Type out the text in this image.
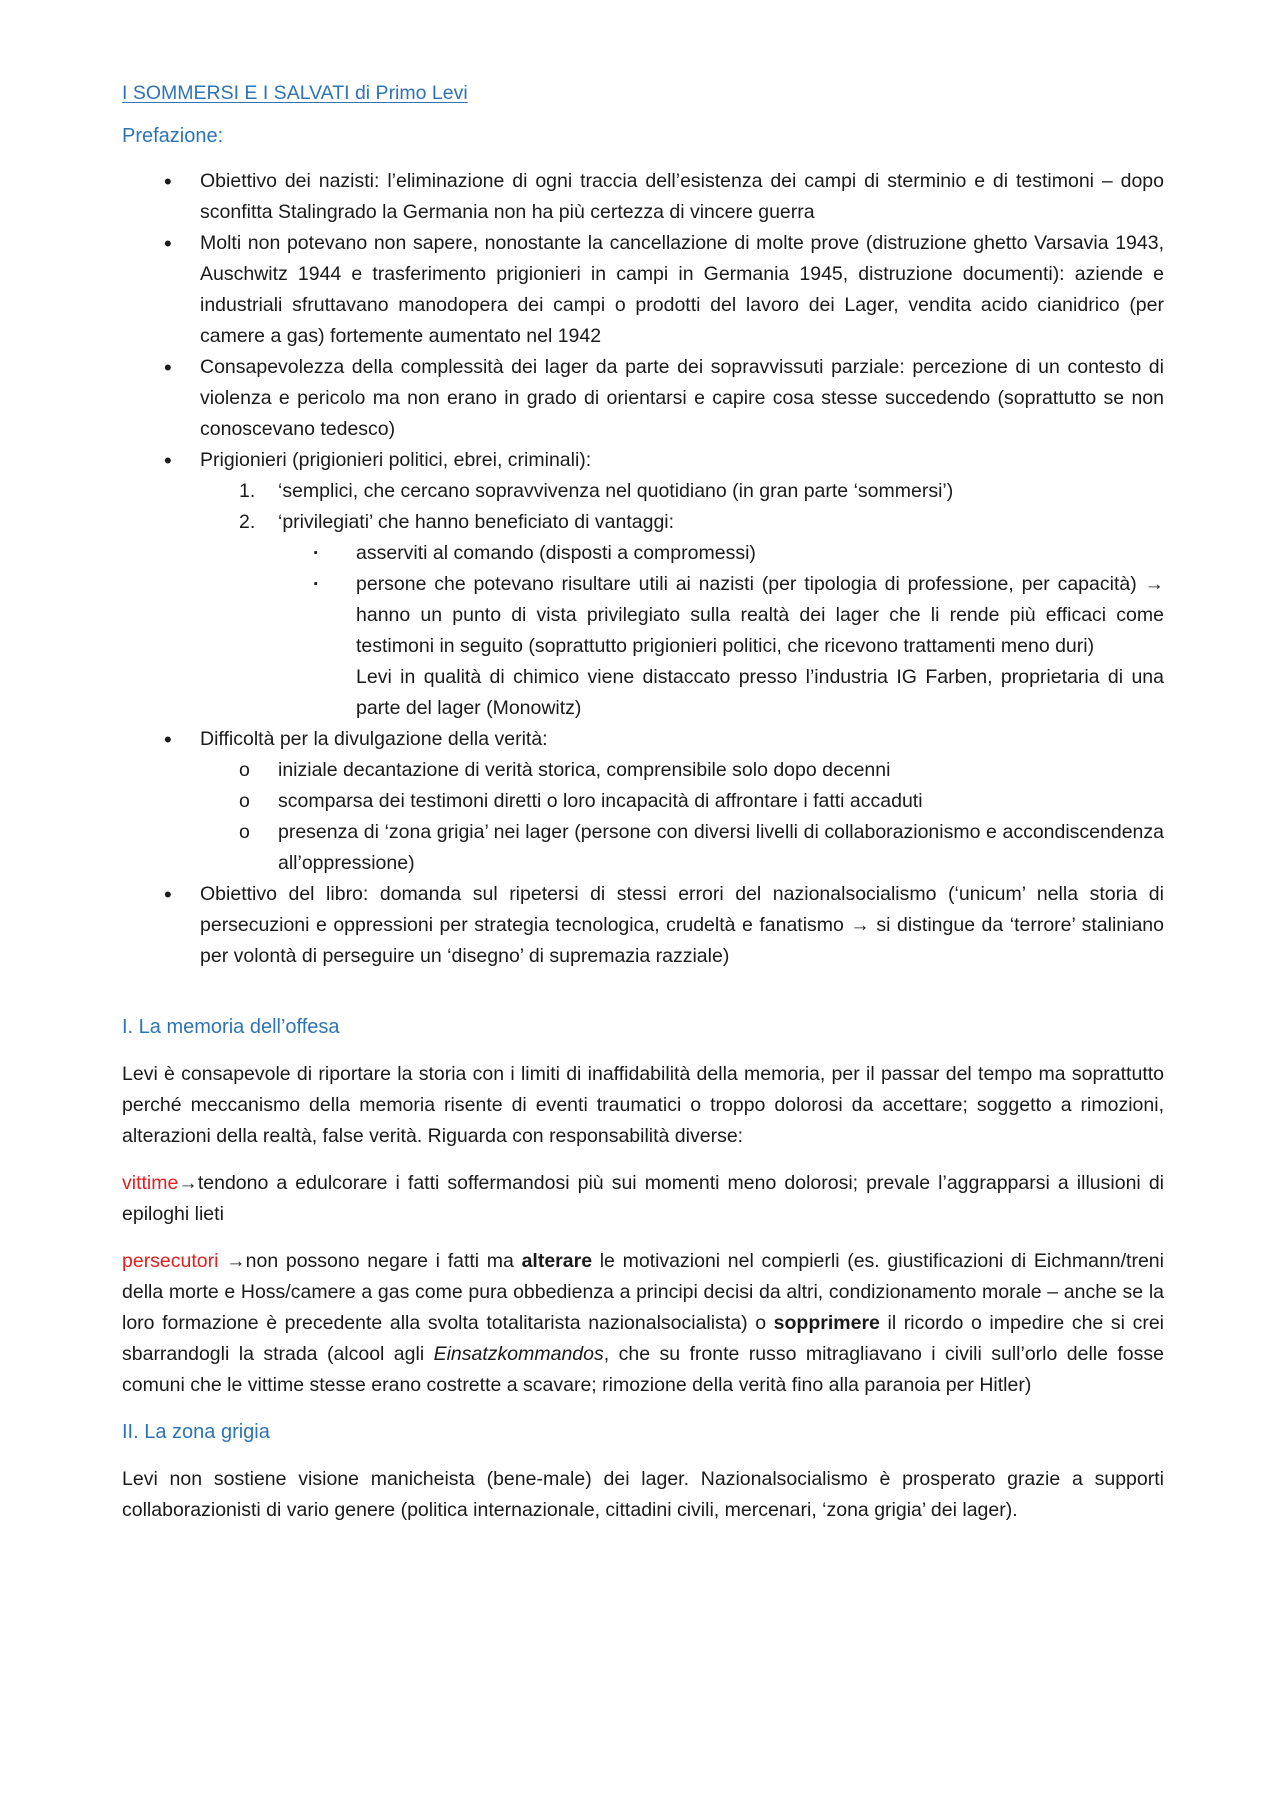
I SOMMERSI E I SALVATI di Primo Levi
Prefazione:
• Obiettivo dei nazisti: l’eliminazione di ogni traccia dell’esistenza dei campi di sterminio e di testimoni – dopo sconfitta Stalingrado la Germania non ha più certezza di vincere guerra
• Molti non potevano non sapere, nonostante la cancellazione di molte prove (distruzione ghetto Varsavia 1943, Auschwitz 1944 e trasferimento prigionieri in campi in Germania 1945, distruzione documenti): aziende e industriali sfruttavano manodopera dei campi o prodotti del lavoro dei Lager, vendita acido cianidrico (per camere a gas) fortemente aumentato nel 1942
• Consapevolezza della complessità dei lager da parte dei sopravvissuti parziale: percezione di un contesto di violenza e pericolo ma non erano in grado di orientarsi e capire cosa stesse succedendo (soprattutto se non conoscevano tedesco)
• Prigionieri (prigionieri politici, ebrei, criminali):
1. ‘semplici, che cercano sopravvivenza nel quotidiano (in gran parte ‘sommersi’)
2. ‘privilegiati’ che hanno beneficiato di vantaggi:
· asserviti al comando (disposti a compromessi)
· persone che potevano risultare utili ai nazisti (per tipologia di professione, per capacità) → hanno un punto di vista privilegiato sulla realtà dei lager che li rende più efficaci come testimoni in seguito (soprattutto prigionieri politici, che ricevono trattamenti meno duri)
Levi in qualità di chimico viene distaccato presso l’industria IG Farben, proprietaria di una parte del lager (Monowitz)
• Difficoltà per la divulgazione della verità:
o iniziale decantazione di verità storica, comprensibile solo dopo decenni
o scomparsa dei testimoni diretti o loro incapacità di affrontare i fatti accaduti
o presenza di ‘zona grigia’ nei lager (persone con diversi livelli di collaborazionismo e accondiscendenza all’oppressione)
• Obiettivo del libro: domanda sul ripetersi di stessi errori del nazionalsocialismo (‘unicum’ nella storia di persecuzioni e oppressioni per strategia tecnologica, crudeltà e fanatismo → si distingue da ‘terrore’ staliniano per volontà di perseguire un ‘disegno’ di supremazia razziale)
I. La memoria dell’offesa

Levi è consapevole di riportare la storia con i limiti di inaffidabilità della memoria, per il passar del tempo ma soprattutto perché meccanismo della memoria risente di eventi traumatici o troppo dolorosi da accettare; soggetto a rimozioni, alterazioni della realtà, false verità. Riguarda con responsabilità diverse:

vittime→tendono a edulcorare i fatti soffermandosi più sui momenti meno dolorosi; prevale l’aggrapparsi a illusioni di epiloghi lieti

persecutori →non possono negare i fatti ma alterare le motivazioni nel compierli (es. giustificazioni di Eichmann/treni della morte e Hoss/camere a gas come pura obbedienza a principi decisi da altri, condizionamento morale – anche se la loro formazione è precedente alla svolta totalitarista nazionalsocialista) o sopprimere il ricordo o impedire che si crei sbarrandogli la strada (alcool agli Einsatzkommandos, che su fronte russo mitragliavano i civili sull’orlo delle fosse comuni che le vittime stesse erano costrette a scavare; rimozione della verità fino alla paranoia per Hitler)

II. La zona grigia

Levi non sostiene visione manicheista (bene-male) dei lager. Nazionalsocialismo è prosperato grazie a supporti collaborazionisti di vario genere (politica internazionale, cittadini civili, mercenari, ‘zona grigia’ dei lager).
